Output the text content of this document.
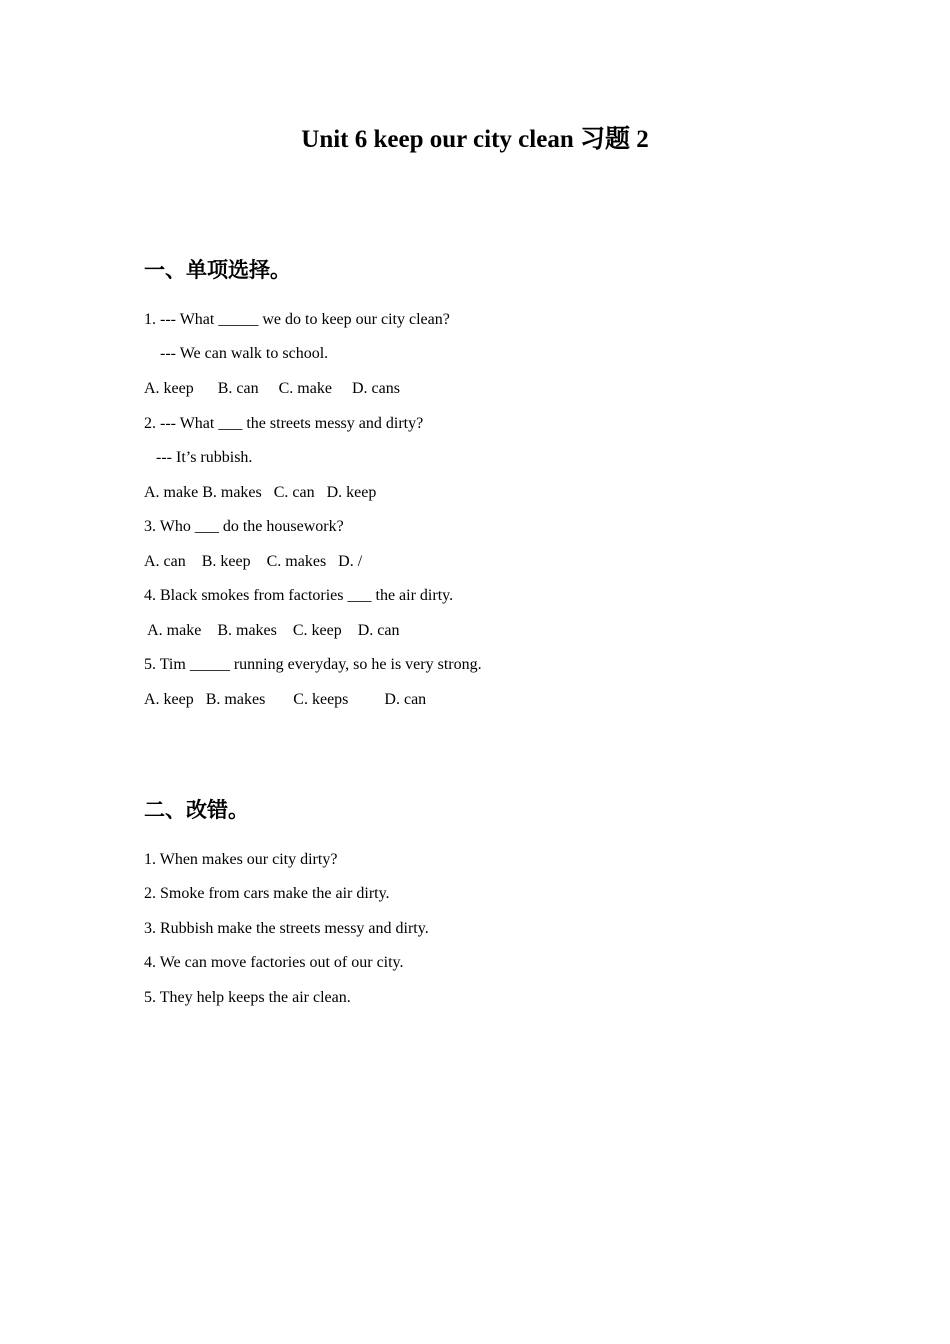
Unit 6 keep our city clean 习题 2
一、单项选择。
1. --- What _____ we do to keep our city clean?
--- We can walk to school.
A. keep      B. can     C. make     D. cans
2. --- What ___ the streets messy and dirty?
--- It’s rubbish.
A. make B. makes   C. can   D. keep
3. Who ___ do the housework?
A. can    B. keep    C. makes   D. /
4. Black smokes from factories ___ the air dirty.
A. make    B. makes    C. keep    D. can
5. Tim _____ running everyday, so he is very strong.
A. keep   B. makes       C. keeps         D. can
二、改错。
1. When makes our city dirty?
2. Smoke from cars make the air dirty.
3. Rubbish make the streets messy and dirty.
4. We can move factories out of our city.
5. They help keeps the air clean.
